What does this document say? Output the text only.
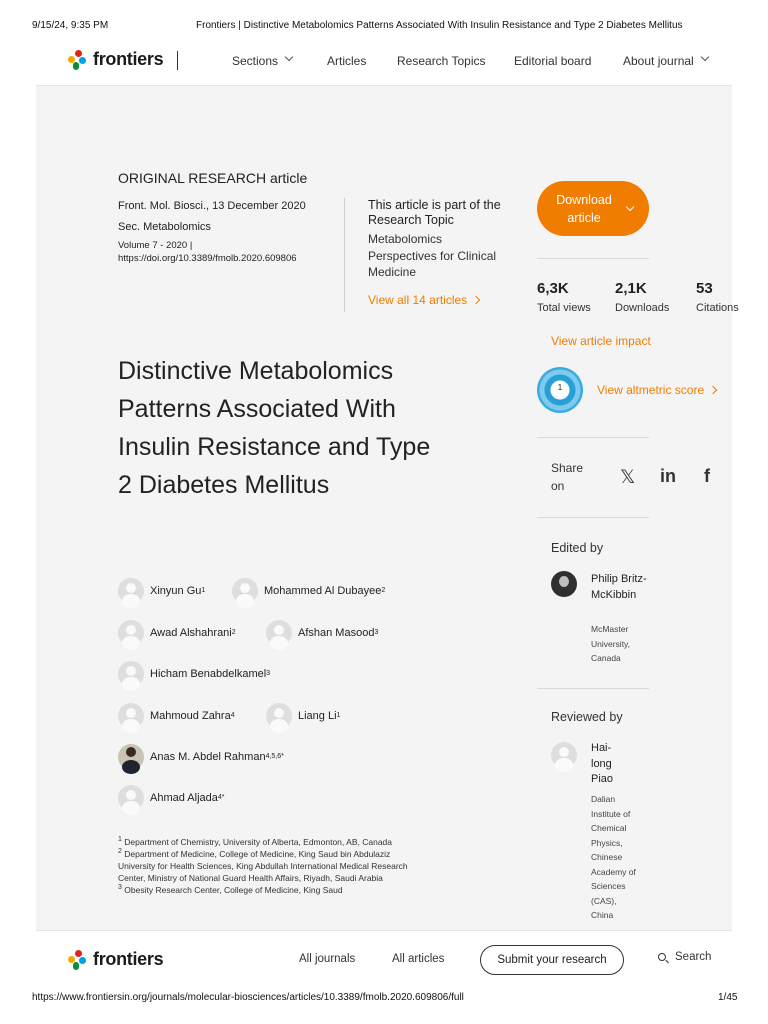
9/15/24, 9:35 PM	Frontiers | Distinctive Metabolomics Patterns Associated With Insulin Resistance and Type 2 Diabetes Mellitus
frontiers	Sections	Articles	Research Topics Editorial board	About journal
ORIGINAL RESEARCH article
Front. Mol. Biosci., 13 December 2020
Sec. Metabolomics
Volume 7 - 2020 | https://doi.org/10.3389/fmolb.2020.609806
This article is part of the Research Topic
Metabolomics Perspectives for Clinical Medicine
View all 14 articles
Distinctive Metabolomics Patterns Associated With Insulin Resistance and Type 2 Diabetes Mellitus
Xinyun Gu 1	Mohammed Al Dubayee 2
Awad Alshahrani 2	Afshan Masood 3
Hicham Benabdelkamel 3
Mahmoud Zahra 4	Liang Li 1
Anas M. Abdel Rahman 4,5,6*
Ahmad Aljada 4*
$^1$ Department of Chemistry, University of Alberta, Edmonton, AB, Canada
$^2$ Department of Medicine, College of Medicine, King Saud bin Abdulaziz University for Health Sciences, King Abdullah International Medical Research Center, Ministry of National Guard Health Affairs, Riyadh, Saudi Arabia
$^3$ Obesity Research Center, College of Medicine, King Saud
Download article
6,3K
Total views
2,1K
Downloads
53
Citations
View article impact
1	View altmetric score
Share on	𝕏 in f
Edited by
Philip Britz-McKibbin
McMaster University, Canada
Reviewed by
Hai-long Piao
Dalian Institute of Chemical Physics, Chinese Academy of Sciences (CAS), China
frontiers	All journals	All articles	Submit your research	Search
https://www.frontiersin.org/journals/molecular-biosciences/articles/10.3389/fmolb.2020.609806/full	1/45
